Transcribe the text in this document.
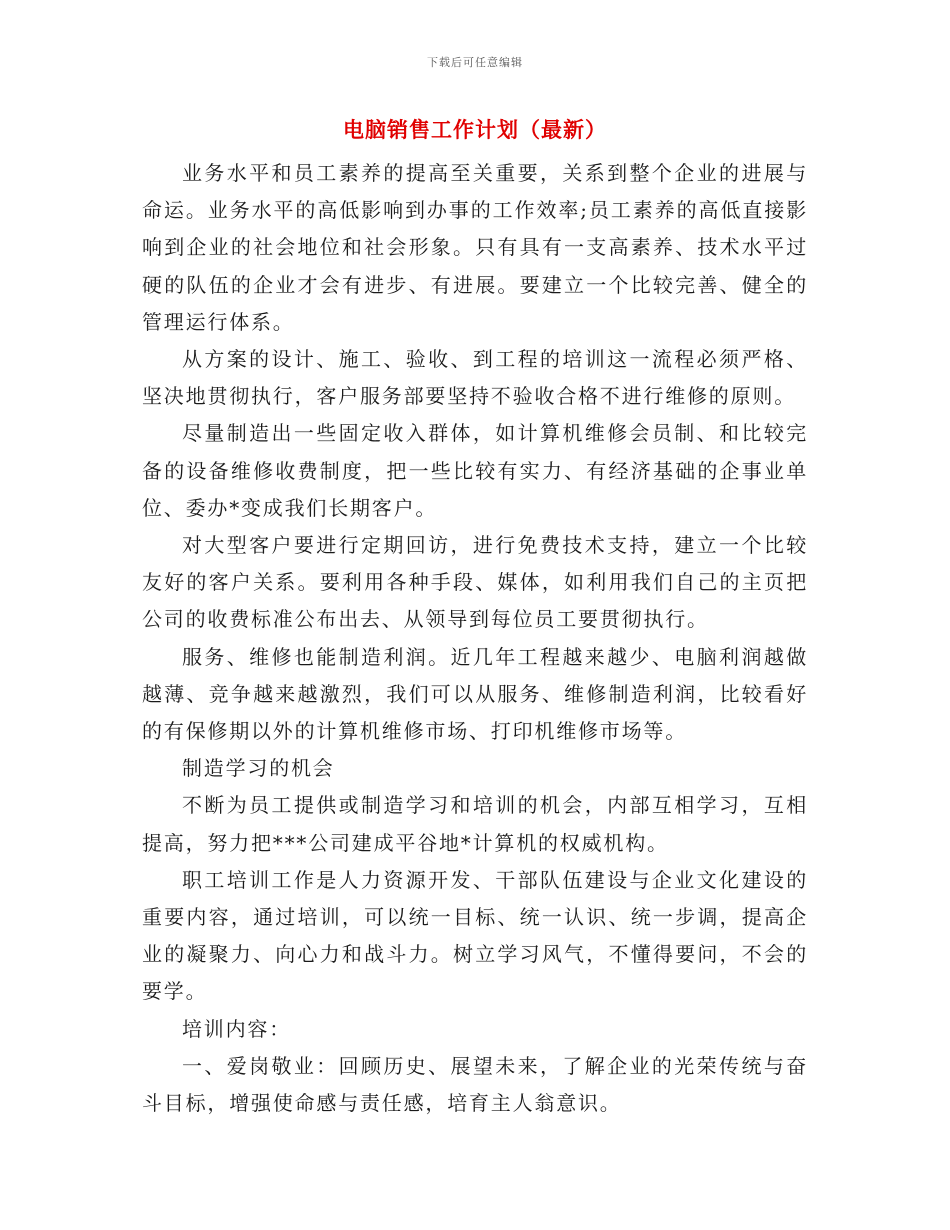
下载后可任意编辑
电脑销售工作计划（最新）

业务水平和员工素养的提高至关重要，关系到整个企业的进展与命运。业务水平的高低影响到办事的工作效率;员工素养的高低直接影响到企业的社会地位和社会形象。只有具有一支高素养、技术水平过硬的队伍的企业才会有进步、有进展。要建立一个比较完善、健全的管理运行体系。

从方案的设计、施工、验收、到工程的培训这一流程必须严格、坚决地贯彻执行，客户服务部要坚持不验收合格不进行维修的原则。

尽量制造出一些固定收入群体，如计算机维修会员制、和比较完备的设备维修收费制度，把一些比较有实力、有经济基础的企事业单位、委办*变成我们长期客户。

对大型客户要进行定期回访，进行免费技术支持，建立一个比较友好的客户关系。要利用各种手段、媒体，如利用我们自己的主页把公司的收费标准公布出去、从领导到每位员工要贯彻执行。

服务、维修也能制造利润。近几年工程越来越少、电脑利润越做越薄、竞争越来越激烈，我们可以从服务、维修制造利润，比较看好的有保修期以外的计算机维修市场、打印机维修市场等。

制造学习的机会

不断为员工提供或制造学习和培训的机会，内部互相学习，互相提高，努力把***公司建成平谷地*计算机的权威机构。

职工培训工作是人力资源开发、干部队伍建设与企业文化建设的重要内容，通过培训，可以统一目标、统一认识、统一步调，提高企业的凝聚力、向心力和战斗力。树立学习风气，不懂得要问，不会的要学。

培训内容：

一、爱岗敬业：回顾历史、展望未来，了解企业的光荣传统与奋斗目标，增强使命感与责任感，培育主人翁意识。
